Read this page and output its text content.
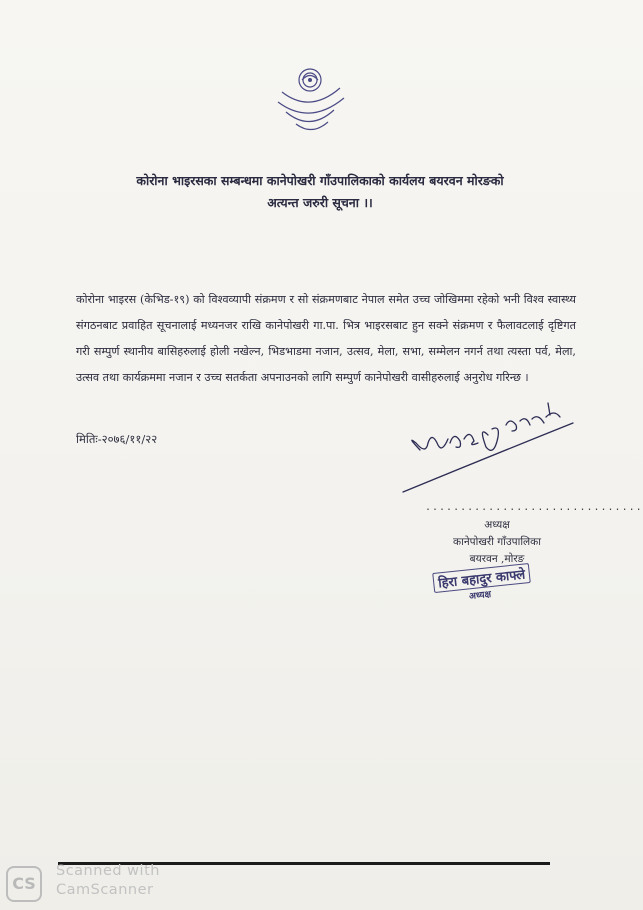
कोरोना भाइरसका सम्बन्धमा कानेपोखरी गाँउपालिकाको कार्यलय बयरवन मोरङको
अत्यन्त जरुरी सूचना ।।
कोरोना भाइरस (केभिड-१९) को विश्वव्यापी संक्रमण र सो संक्रमणबाट नेपाल समेत उच्च जोखिममा रहेको भनी विश्व स्वास्थ्य संगठनबाट प्रवाहित सूचनालाई मध्यनजर राखि कानेपोखरी गा.पा. भित्र भाइरसबाट हुन सक्ने संक्रमण र फैलावटलाई दृष्टिगत गरी सम्पुर्ण स्थानीय बासिहरुलाई होली नखेल्न, भिडभाडमा नजान, उत्सव, मेला, सभा, सम्मेलन नगर्न तथा त्यस्ता पर्व, मेला, उत्सव तथा कार्यक्रममा नजान र उच्च सतर्कता अपनाउनको लागि सम्पुर्ण कानेपोखरी वासीहरुलाई अनुरोध गरिन्छ ।
मितिः-२०७६/११/२२
...............................
अध्यक्ष
कानेपोखरी गाँउपालिका
बयरवन ,मोरङ
हिरा बहादुर काफ्ले
अध्यक्ष
CS
Scanned with
CamScanner
